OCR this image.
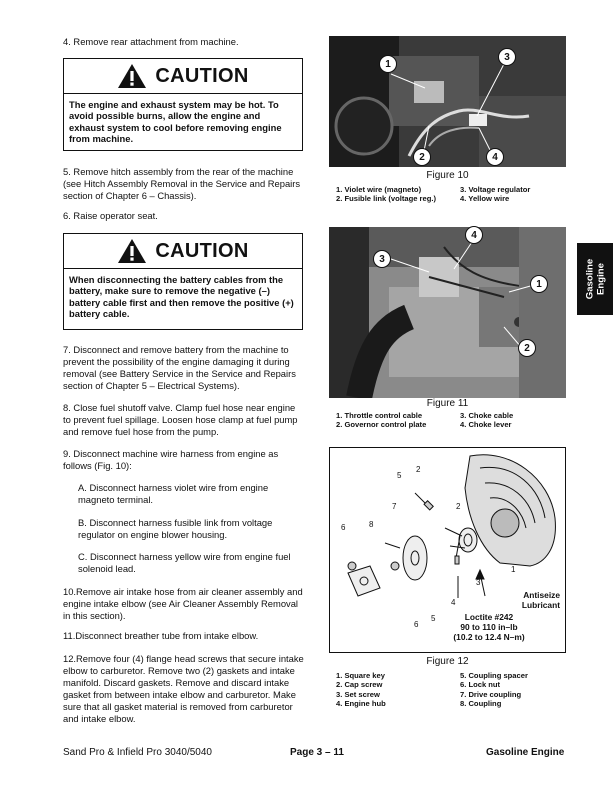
4. Remove rear attachment from machine.
CAUTION
The engine and exhaust system may be hot. To avoid possible burns, allow the engine and exhaust system to cool before removing engine from machine.
5. Remove hitch assembly from the rear of the machine (see Hitch Assembly Removal in the Service and Repairs section of Chapter 6 – Chassis).
6. Raise operator seat.
CAUTION
When disconnecting the battery cables from the battery, make sure to remove the negative (–) battery cable first and then remove the positive (+) battery cable.
7. Disconnect and remove battery from the machine to prevent the possibility of the engine damaging it during removal (see Battery Service in the Service and Repairs section of Chapter 5 – Electrical Systems).
8. Close fuel shutoff valve. Clamp fuel hose near engine to prevent fuel spillage. Loosen hose clamp at fuel pump and remove fuel hose from the pump.
9. Disconnect machine wire harness from engine as follows (Fig. 10):
A. Disconnect harness violet wire from engine magneto terminal.
B. Disconnect harness fusible link from voltage regulator on engine blower housing.
C. Disconnect harness yellow wire from engine fuel solenoid lead.
10.Remove air intake hose from air cleaner assembly and engine intake elbow (see Air Cleaner Assembly Removal in this section).
11.Disconnect breather tube from intake elbow.
12.Remove four (4) flange head screws that secure intake elbow to carburetor. Remove two (2) gaskets and intake manifold. Discard gaskets. Remove and discard intake gasket from between intake elbow and carburetor. Make sure that all gasket material is removed from carburetor and intake elbow.
1
2
3
4
Figure 10
1. Violet wire (magneto)
2. Fusible link (voltage reg.)
3. Voltage regulator
4. Yellow wire
1
2
3
4
Figure 11
1. Throttle control cable
2. Governor control plate
3. Choke cable
4. Choke lever
2
5
7	2
6	8
1
3
4
5
6
Antiseize Lubricant
Loctite #242
90 to 110 in–lb
(10.2 to 12.4 N–m)
Figure 12
1. Square key
2. Cap screw
3. Set screw
4. Engine hub
5. Coupling spacer
6. Lock nut
7. Drive coupling
8. Coupling
Gasoline Engine
Sand Pro & Infield Pro 3040/5040	Page 3 – 11	Gasoline Engine
